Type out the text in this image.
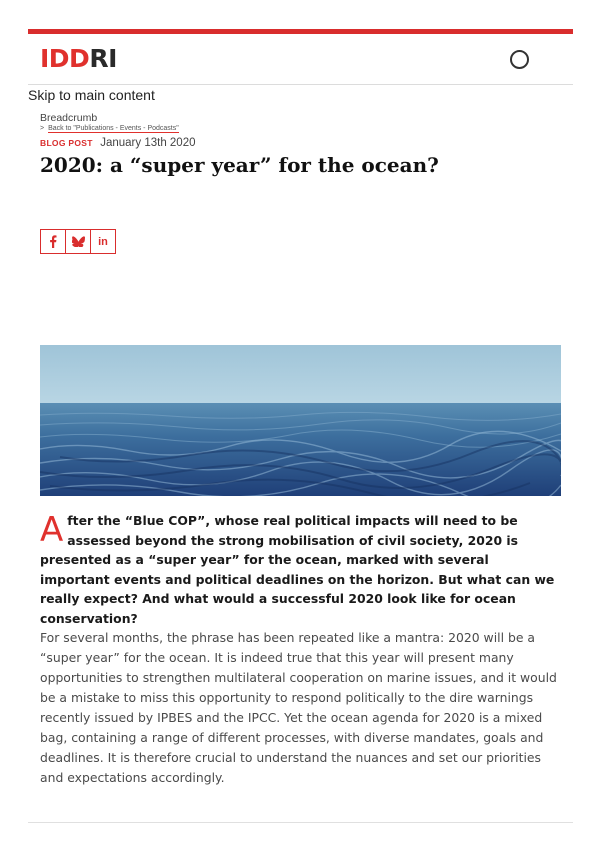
IDDRI
Skip to main content
Breadcrumb
> Back to "Publications - Events - Podcasts"
BLOG POST January 13th 2020
2020: a “super year” for the ocean?
in
After the “Blue COP”, whose real political impacts will need to be assessed beyond the strong mobilisation of civil society, 2020 is presented as a “super year” for the ocean, marked with several important events and political deadlines on the horizon. But what can we really expect? And what would a successful 2020 look like for ocean conservation?

For several months, the phrase has been repeated like a mantra: 2020 will be a “super year” for the ocean. It is indeed true that this year will present many opportunities to strengthen multilateral cooperation on marine issues, and it would be a mistake to miss this opportunity to respond politically to the dire warnings recently issued by IPBES and the IPCC. Yet the ocean agenda for 2020 is a mixed bag, containing a range of different processes, with diverse mandates, goals and deadlines. It is therefore crucial to understand the nuances and set our priorities and expectations accordingly.
